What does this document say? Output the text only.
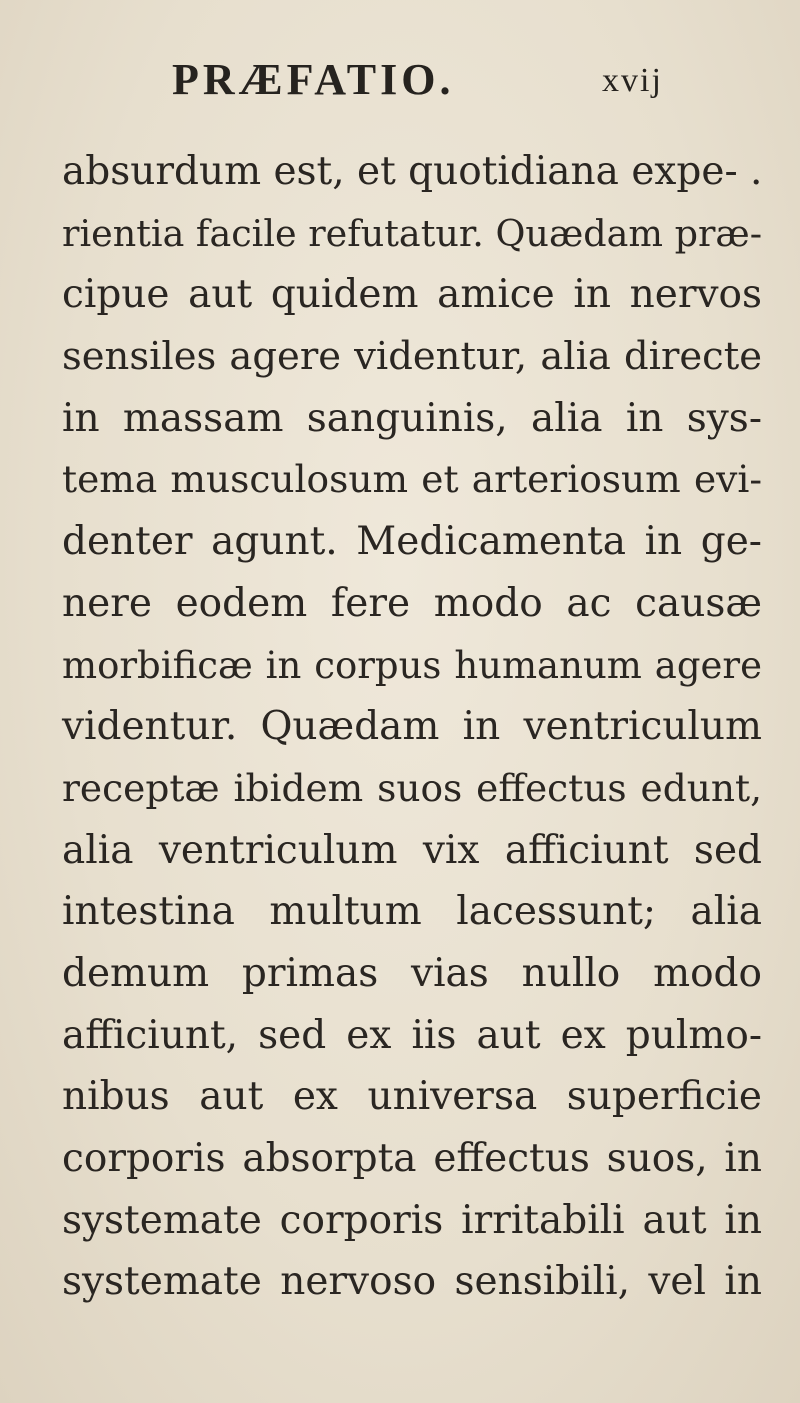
PRÆFATIO.	xvij
absurdum est, et quotidiana expe- .
rientia facile refutatur. Quædam præ-
cipue aut quidem amice in nervos
sensiles agere videntur, alia directe
in massam sanguinis, alia in sys-
tema musculosum et arteriosum evi-
denter agunt. Medicamenta in ge-
nere eodem fere modo ac causæ
morbificæ in corpus humanum agere
videntur. Quædam in ventriculum
receptæ ibidem suos effectus edunt,
alia ventriculum vix afficiunt sed
intestina multum lacessunt; alia
demum primas vias nullo modo
afficiunt, sed ex iis aut ex pulmo-
nibus aut ex universa superficie
corporis absorpta effectus suos, in
systemate corporis irritabili aut in
systemate nervoso sensibili, vel in
